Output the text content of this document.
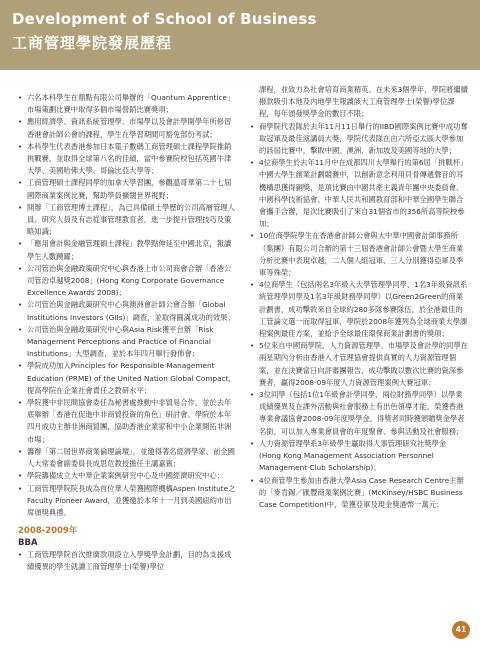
Development of School of Business
工商管理學院發展歷程
• 六名本科學生在鼎點有限公司舉辦的「Quantum Apprentice」市場策劃比賽中取得多個市場營銷比賽獎項；
• 應用經濟學、資訊系統管理學、市場學以及會計學開學年所修習香港會計師公會的課程，學生在學習期間可豁免部份考試；
• 本科學生代表香港參加日本電子數碼工商管理碩士課程學院推銷挑戰賽，並取得全球第八名的佳績，當中參賽院校包括英國牛津大學、美國哈佛大學、哥倫比亞大學等；
• 工商管理碩士課程同學的加拿大學習團，參觀溫哥華第二十七屆國際商業案例比賽，幫助學員擴闊世界視野；
• 開辦「工商管理博士課程」，為已具備碩士學歷的公司高層管理人員、研究人員及有志從事管理教育者，進一步提升管理技巧及策略知識；
• 「應用會計與金融管理碩士課程」教學點伸延至中國北京，報讀學生人數踴躍；
• 公司管治與金融政策研究中心與香港上市公司商會合辦「香港公司管治卓越獎2008」(Hong Kong Corporate Governance Excellence Awards 2008)；
• 公司管治與金融政策研究中心與澳洲會計師公會合辦「Global Institutions Investors (GIIs)」調查，並取得圓滿成功的效果；
• 公司管治與金融政策研究中心與Asia Risk獲平台辦「Risk Management Perceptions and Practice of Financial Institutions」大型調查，並於本年四月舉行發佈會；
• 學院成功加入Principles for Responsible Management Education (PRME) of the United Nation Global Compact，提高學院在企業社會責任之教研水平；
• 學院獲中非民間協會委任為秘書處推動中非貿易合作，並於去年底舉辦「香港在促進中非商貿投資的角色」研討會。學院於本年四月成功主辦非洲商貿團，協助香港企業家和中小企業開拓非洲市場；
• 籌辦「第二屆世界商業倫理論壇」，並邀得著名經濟學家、前全國人大常委會副委員長成思危教授擔任主講嘉賓；
• 學院籌備成立大中華企業案例研究中心及中國經濟研究中心；
• 工商管理學院院長成為首位華人榮獲國際機構Aspen Institute之Faculty Pioneer Award，並獲邀於本年十一月到美國紐約市出席頒獎典禮。
2008-2009年
BBA
• 工商管理學院首次推廣款項設立入學獎學金計劃，目的為支援成績優異的學生就讀工商管理學士(榮譽)學位
課程，並致力為社會培育商業精英。在未來3個學年，學院將繼續撥款吸引本地及內地學生報讀該大工商管理學士(榮譽)學位課程，每年頒發獎學金的數目不限；
• 商學院代表隊於去年11月11日舉行的IIBD國際案例比賽中成功奪取冠軍及最佳演講員大獎，學院代表隊在由六所亞太區大學參加的該屆比賽中，擊敗中國、澳洲、新加坡及美國等地的大學；
• 4位商學生於去年11月中在成都四川大學舉行的第6屆「挑戰杯」中國大學生創業計劃競賽中，以創新意念利用貝骨傳遞聲音的耳機構思獲得銅獎，是項比賽由中國共產主義青年團中央委員會、中國科學技術協會、中華人民共和國教育部和中華全國學生聯合會攜手合辦，是次比賽吸引了來自31個省市的356所高等院校參加；
• 10位商學院學生在香港會計師公會與大中華中國會計師事務所（集團）有限公司合辦的第十三屆香港會計師公會暨大學生商業分析比賽中表現卓越，二人個人組冠軍、三人分別獲得亞軍及季軍等殊榮；
• 4位商學生（包括兩名3年級入大學管理學同學、1名3年級資訊系統管理學同學及1名3年級財務學同學）以Green2Green的商業計劃書，成功擊敗來自全球約280多隊參賽隊伍，於全港最佳的工管論文選一而取得冠軍，學院於2008年獲列為全球商業大學課程案例最佳方案，並給予全球最佳環保商業計劃書的獎項；
• 5位來自中國商學院、人力資源管理學、市場學及會計學的同學在兩星期內分析由香港入才管理協會提供真實的人力資源管理個案，並在決賽當日向評審團報告，成功擊敗以數次比賽的資深參賽者，贏得2008-09年度人力資源管理案例大賽冠軍；
• 3位同學（包括1位1年級會計學同學、兩位財務學同學）以學業成績優異及在課外活動與社會服務上有出色領導才能，榮獲香港專業會議協會2008-09年度獎學金，得獎者同時獲頒贈獎金學者名銜，可以加入專業會員會的年度聚會、參與活動及社會服務；
• 人力資源管理學系3年級學生贏取得人事管理研究社獎學金(Hong Kong Management Association Personnel Management Club Scholarship)；
• 4位商管學生參加由香港大學Asia Case Research Centre主辦的「麥肯錫／匯豐商業案例比賽」(McKinsey/HSBC Business Case Competition)中，榮獲亞軍及現金獎港幣一萬元；
41
